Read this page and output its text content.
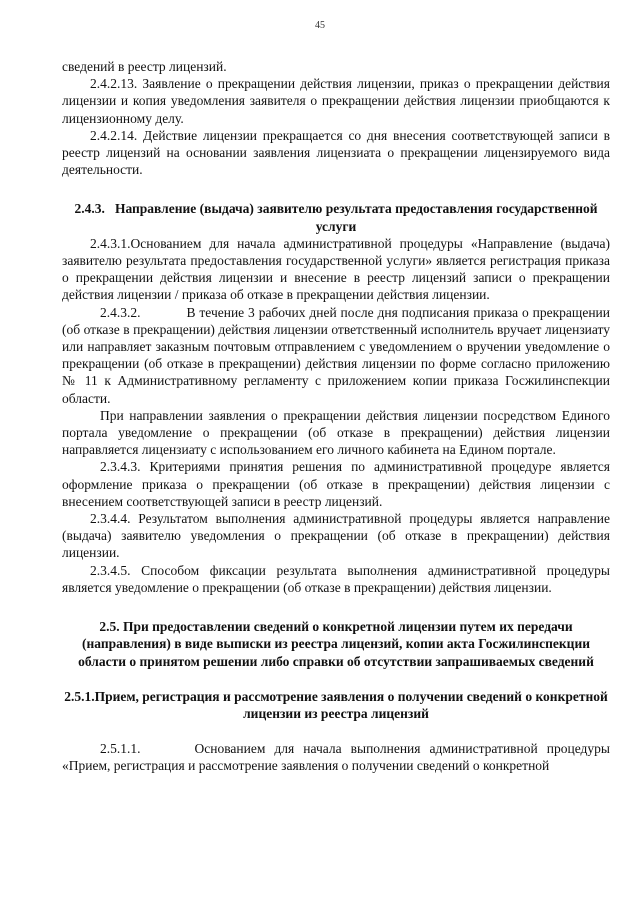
45

сведений в реестр лицензий.

2.4.2.13. Заявление о прекращении действия лицензии, приказ о прекращении действия лицензии и копия уведомления заявителя о прекращении действия лицензии приобщаются к лицензионному делу.

2.4.2.14. Действие лицензии прекращается со дня внесения соответствующей записи в реестр лицензий на основании заявления лицензиата о прекращении лицензируемого вида деятельности.

2.4.3. Направление (выдача) заявителю результата предоставления государственной услуги

2.4.3.1.Основанием для начала административной процедуры «Направление (выдача) заявителю результата предоставления государственной услуги» является регистрация приказа о прекращении действия лицензии и внесение в реестр лицензий записи о прекращении действия лицензии / приказа об отказе в прекращении действия лицензии.

2.4.3.2.	В течение 3 рабочих дней после дня подписания приказа о прекращении (об отказе в прекращении) действия лицензии ответственный исполнитель вручает лицензиату или направляет заказным почтовым отправлением с уведомлением о вручении уведомление о прекращении (об отказе в прекращении) действия лицензии по форме согласно приложению № 11 к Административному регламенту с приложением копии приказа Госжилинспекции области.

При направлении заявления о прекращении действия лицензии посредством Единого портала уведомление о прекращении (об отказе в прекращении) действия лицензии направляется лицензиату с использованием его личного кабинета на Едином портале.

2.3.4.3. Критериями принятия решения по административной процедуре является оформление приказа о прекращении (об отказе в прекращении) действия лицензии с внесением соответствующей записи в реестр лицензий.

2.3.4.4. Результатом выполнения административной процедуры является направление (выдача) заявителю уведомления о прекращении (об отказе в прекращении) действия лицензии.

2.3.4.5. Способом фиксации результата выполнения административной процедуры является уведомление о прекращении (об отказе в прекращении) действия лицензии.

2.5. При предоставлении сведений о конкретной лицензии путем их передачи (направления) в виде выписки из реестра лицензий, копии акта Госжилинспекции области о принятом решении либо справки об отсутствии запрашиваемых сведений

2.5.1.Прием, регистрация и рассмотрение заявления о получении сведений о конкретной лицензии из реестра лицензий

2.5.1.1.	Основанием для начала выполнения административной процедуры «Прием, регистрация и рассмотрение заявления о получении сведений о конкретной
